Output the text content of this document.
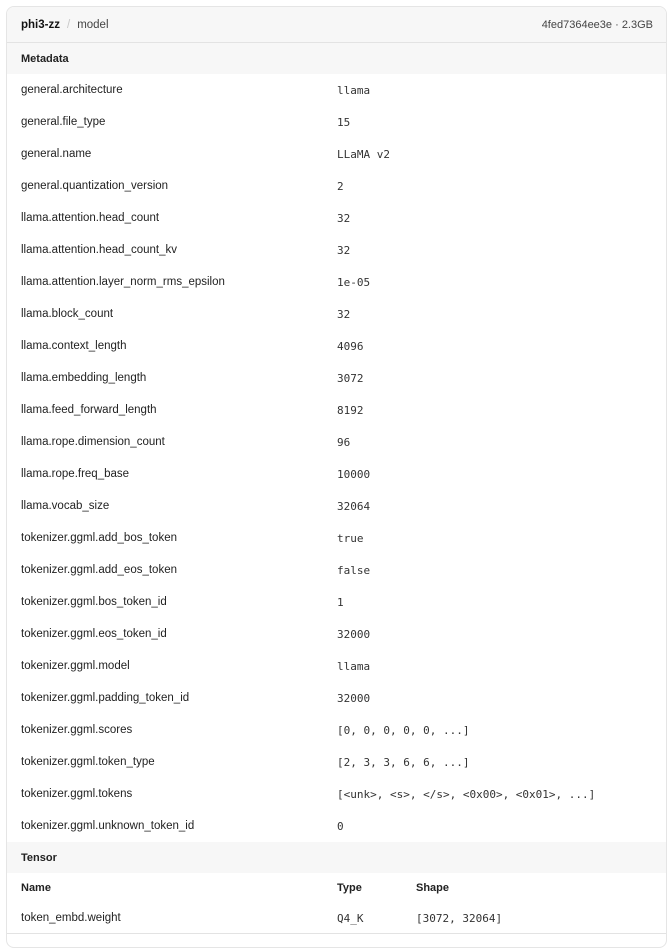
phi3-zz / model	4fed7364ee3e · 2.3GB
Metadata
general.architecture	llama
general.file_type	15
general.name	LLaMA v2
general.quantization_version	2
llama.attention.head_count	32
llama.attention.head_count_kv	32
llama.attention.layer_norm_rms_epsilon	1e-05
llama.block_count	32
llama.context_length	4096
llama.embedding_length	3072
llama.feed_forward_length	8192
llama.rope.dimension_count	96
llama.rope.freq_base	10000
llama.vocab_size	32064
tokenizer.ggml.add_bos_token	true
tokenizer.ggml.add_eos_token	false
tokenizer.ggml.bos_token_id	1
tokenizer.ggml.eos_token_id	32000
tokenizer.ggml.model	llama
tokenizer.ggml.padding_token_id	32000
tokenizer.ggml.scores	[0, 0, 0, 0, 0, ...]
tokenizer.ggml.token_type	[2, 3, 3, 6, 6, ...]
tokenizer.ggml.tokens	[<unk>, <s>, </s>, <0x00>, <0x01>, ...]
tokenizer.ggml.unknown_token_id	0
Tensor
Name	Type	Shape
token_embd.weight	Q4_K	[3072, 32064]
